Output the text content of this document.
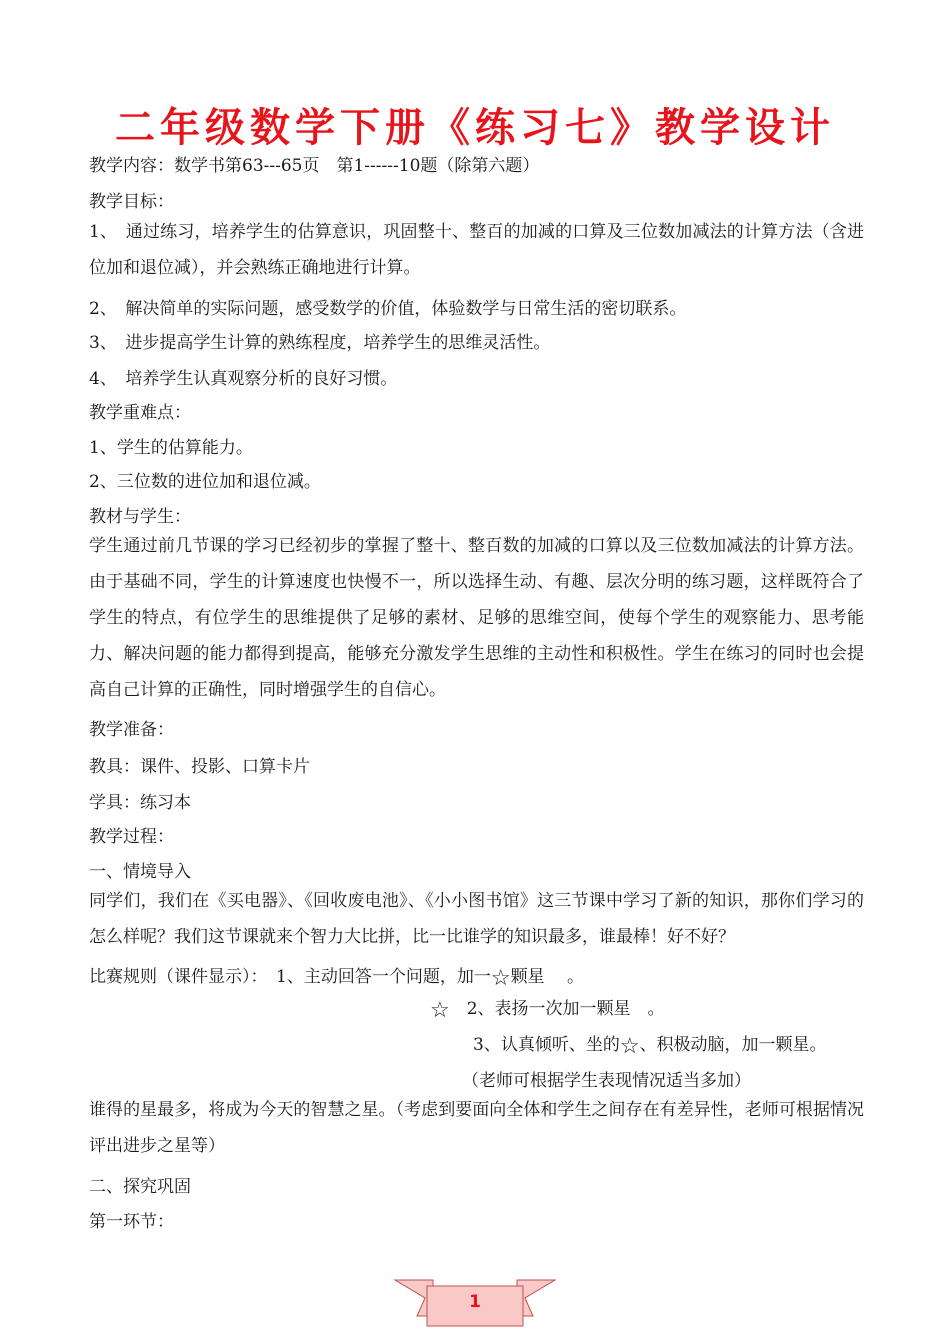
二年级数学下册《练习七》教学设计
教学内容：数学书第63---65页　第1------10题（除第六题）
教学目标：
1、　通过练习，培养学生的估算意识，巩固整十、整百的加减的口算及三位数加减法的计算方法（含进位加和退位减），并会熟练正确地进行计算。
2、　解决简单的实际问题，感受数学的价值，体验数学与日常生活的密切联系。
3、　进步提高学生计算的熟练程度，培养学生的思维灵活性。
4、　培养学生认真观察分析的良好习惯。
教学重难点：
1、学生的估算能力。
2、三位数的进位加和退位减。
教材与学生：
学生通过前几节课的学习已经初步的掌握了整十、整百数的加减的口算以及三位数加减法的计算方法。由于基础不同，学生的计算速度也快慢不一，所以选择生动、有趣、层次分明的练习题，这样既符合了学生的特点，有位学生的思维提供了足够的素材、足够的思维空间，使每个学生的观察能力、思考能力、解决问题的能力都得到提高，能够充分激发学生思维的主动性和积极性。学生在练习的同时也会提高自己计算的正确性，同时增强学生的自信心。
教学准备：
教具：课件、投影、口算卡片
学具：练习本
教学过程：
一、情境导入
同学们，我们在《买电器》、《回收废电池》、《小小图书馆》这三节课中学习了新的知识，那你们学习的怎么样呢？我们这节课就来个智力大比拼，比一比谁学的知识最多，谁最棒！好不好？
比赛规则（课件显示）：　1、主动回答一个问题，加一☆颗星　 。
☆　 2、表扬一次加一颗星　。
3、认真倾听、坐的☆、积极动脑，加一颗星。
（老师可根据学生表现情况适当多加）
谁得的星最多，将成为今天的智慧之星。（考虑到要面向全体和学生之间存在有差异性，老师可根据情况评出进步之星等）
二、探究巩固
第一环节：
1
